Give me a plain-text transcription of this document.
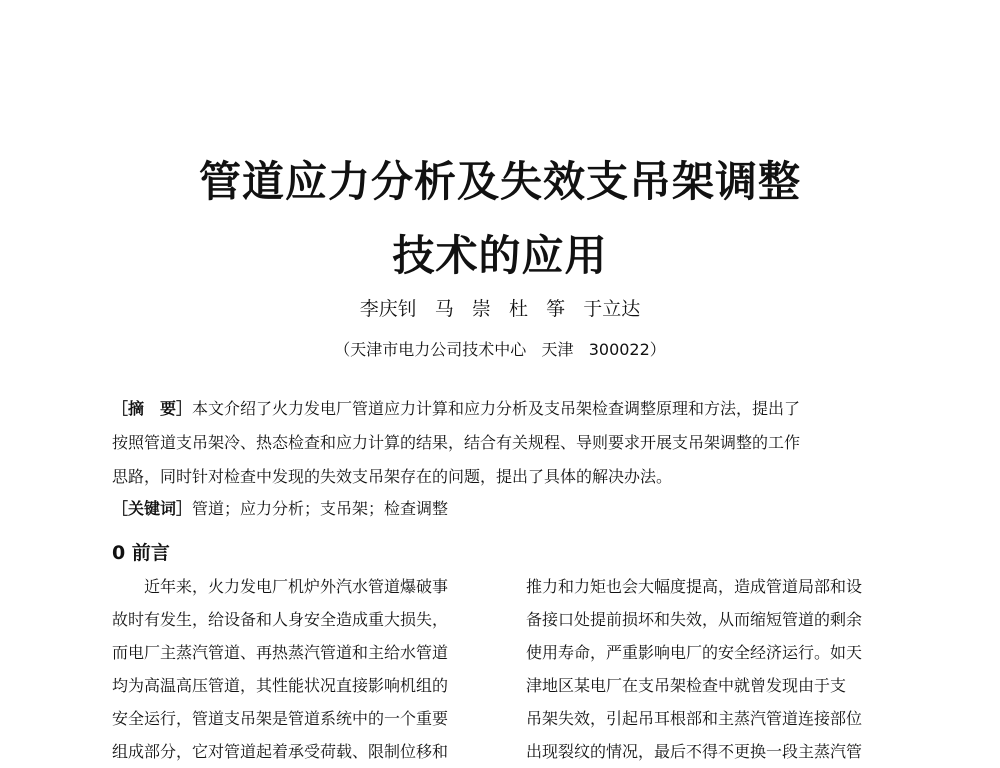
管道应力分析及失效支吊架调整
技术的应用
李庆钊   马   崇   杜   筝   于立达
（天津市电力公司技术中心   天津   300022）
［摘　要］本文介绍了火力发电厂管道应力计算和应力分析及支吊架检查调整原理和方法，提出了
按照管道支吊架冷、热态检查和应力计算的结果，结合有关规程、导则要求开展支吊架调整的工作
思路，同时针对检查中发现的失效支吊架存在的问题，提出了具体的解决办法。
［关键词］管道；应力分析；支吊架；检查调整
0 前言
　　近年来，火力发电厂机炉外汽水管道爆破事
故时有发生，给设备和人身安全造成重大损失，
而电厂主蒸汽管道、再热蒸汽管道和主给水管道
均为高温高压管道，其性能状况直接影响机组的
安全运行，管道支吊架是管道系统中的一个重要
组成部分，它对管道起着承受荷载、限制位移和
推力和力矩也会大幅度提高，造成管道局部和设
备接口处提前损坏和失效，从而缩短管道的剩余
使用寿命，严重影响电厂的安全经济运行。如天
津地区某电厂在支吊架检查中就曾发现由于支
吊架失效，引起吊耳根部和主蒸汽管道连接部位
出现裂纹的情况，最后不得不更换一段主蒸汽管
